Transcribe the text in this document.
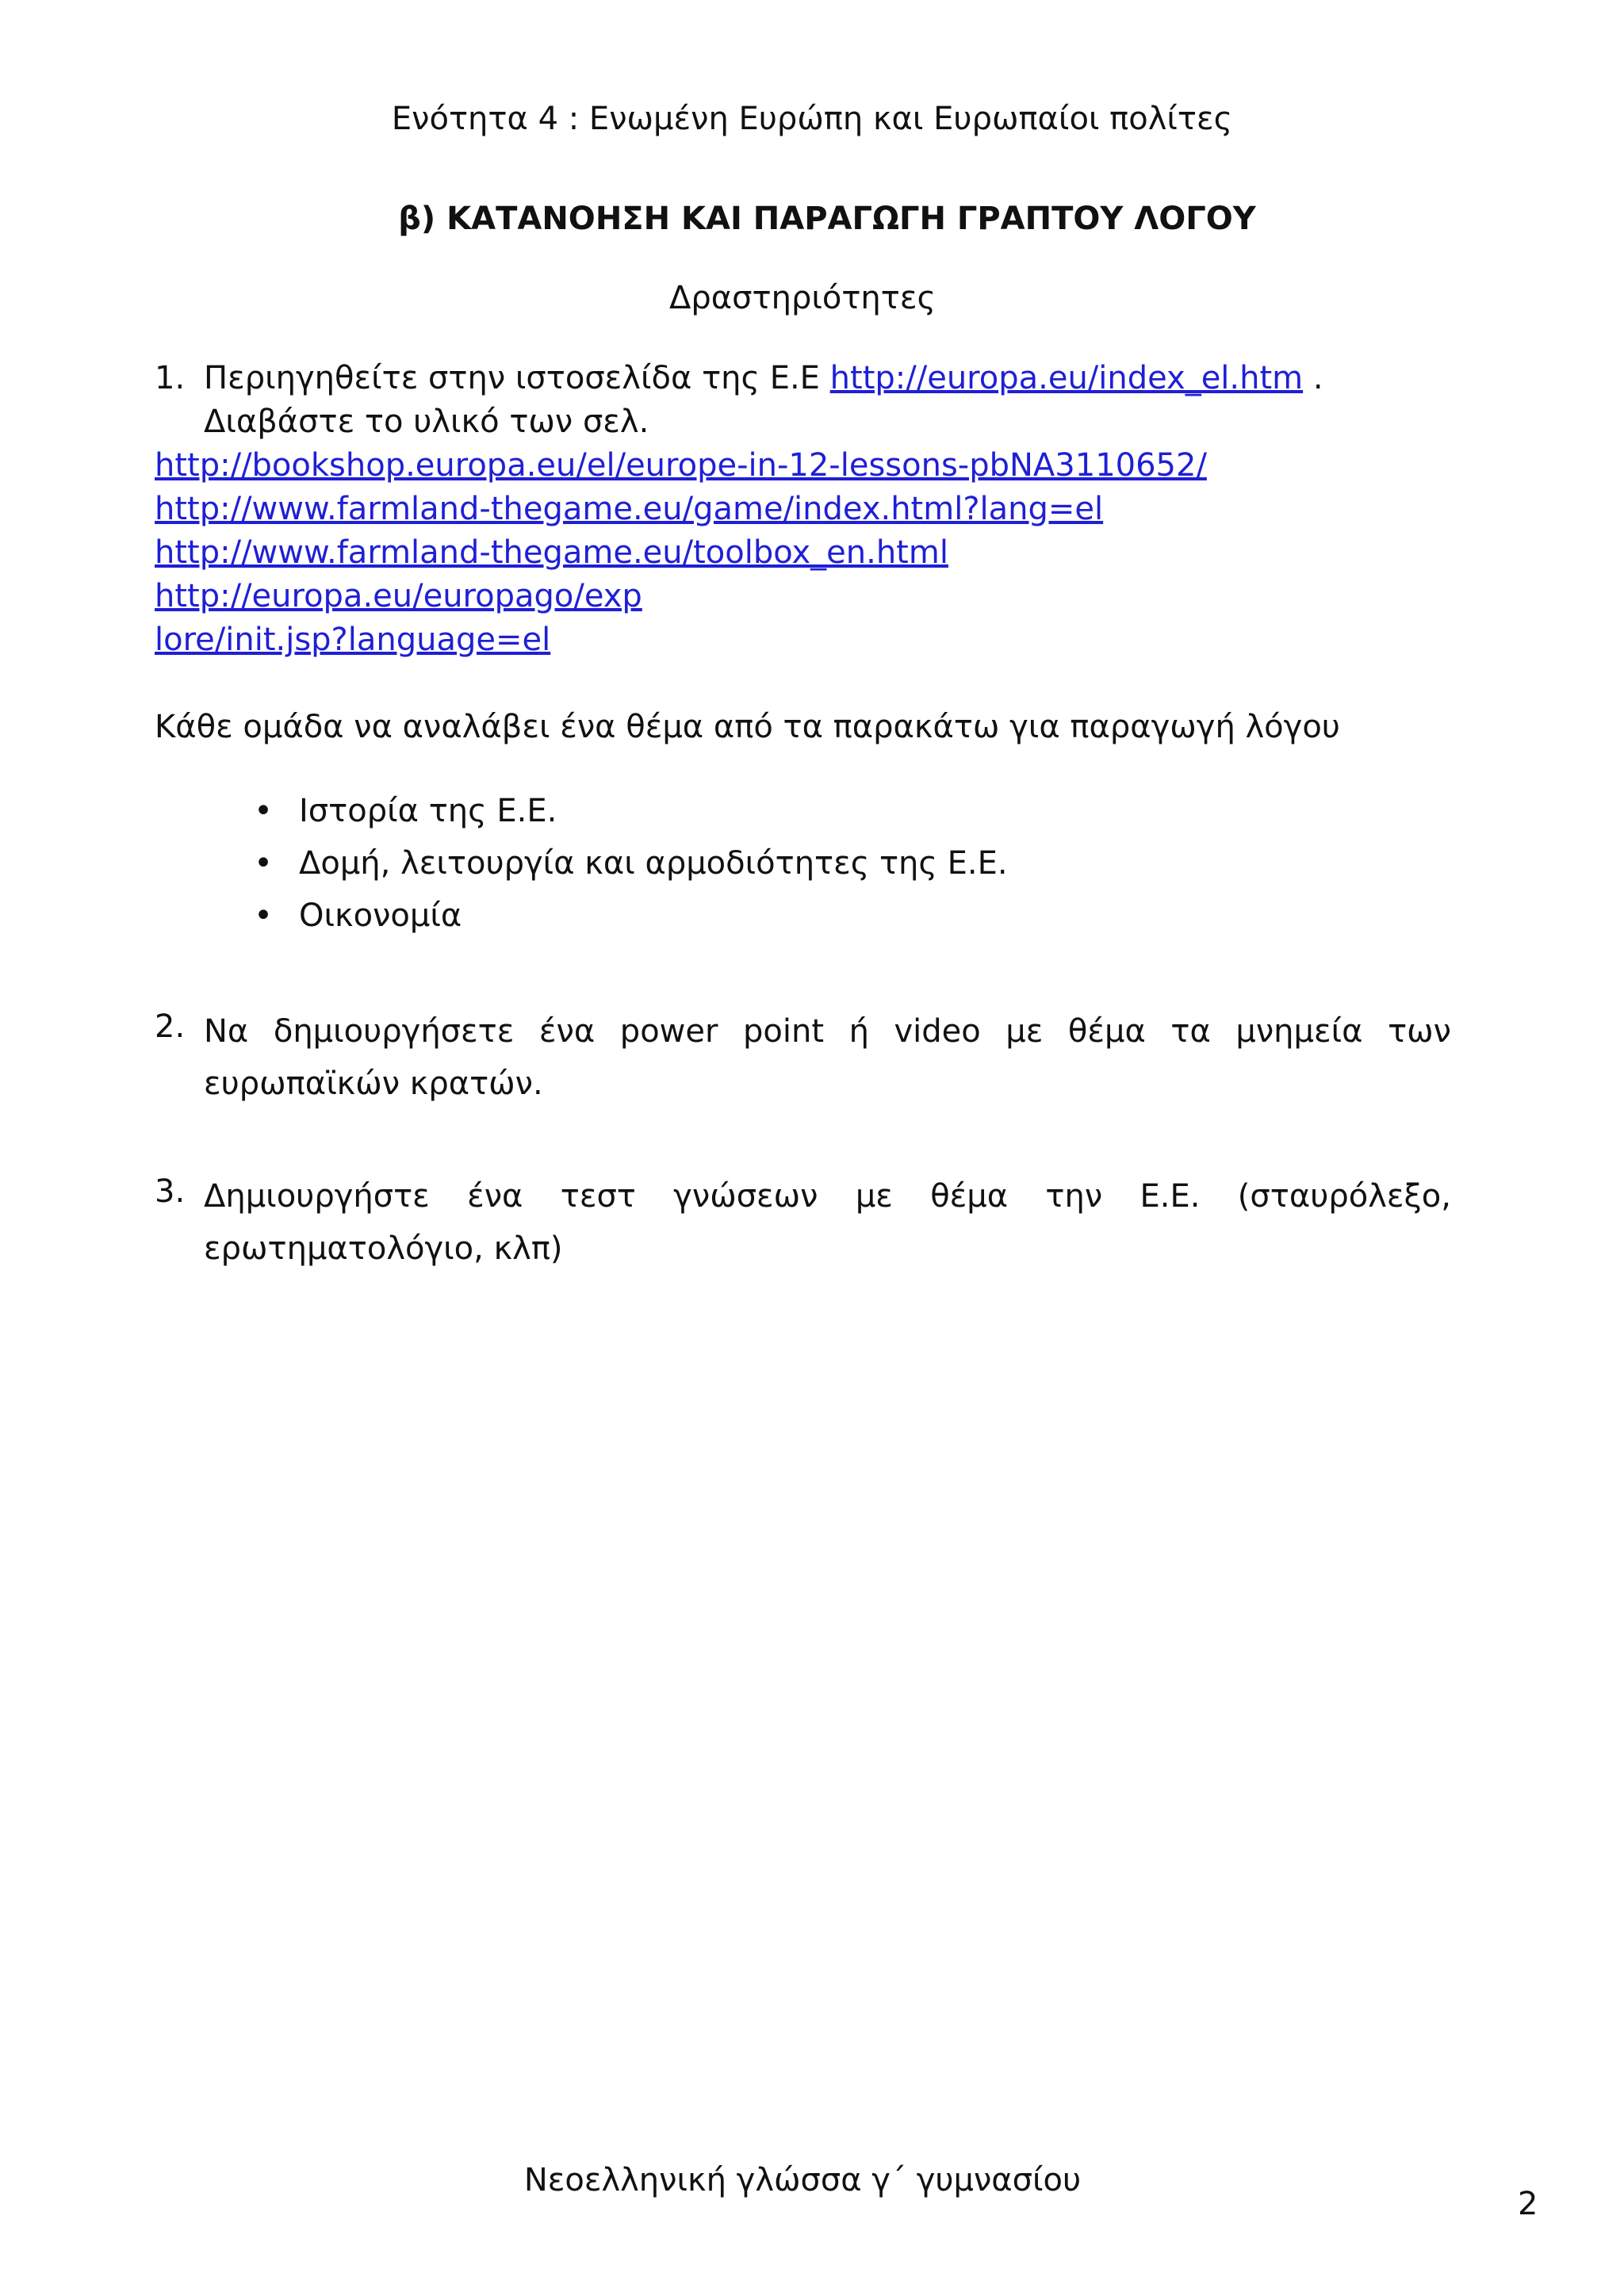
Ενότητα 4 : Ενωμένη Ευρώπη και Ευρωπαίοι πολίτες
β) ΚΑΤΑΝΟΗΣΗ ΚΑΙ ΠΑΡΑΓΩΓΗ ΓΡΑΠΤΟΥ ΛΟΓΟΥ
Δραστηριότητες
1. Περιηγηθείτε στην ιστοσελίδα της Ε.Ε http://europa.eu/index_el.htm .
Διαβάστε το υλικό των σελ.
http://bookshop.europa.eu/el/europe-in-12-lessons-pbNA3110652/
http://www.farmland-thegame.eu/game/index.html?lang=el
http://www.farmland-thegame.eu/toolbox_en.html
http://europa.eu/europago/exp
lore/init.jsp?language=el
Κάθε ομάδα να αναλάβει ένα θέμα από τα παρακάτω για παραγωγή λόγου
• Ιστορία της Ε.Ε.
• Δομή, λειτουργία και αρμοδιότητες της Ε.Ε.
• Οικονομία
2. Να δημιουργήσετε ένα power point ή video με θέμα τα μνημεία των ευρωπαϊκών κρατών.
3. Δημιουργήστε ένα τεστ γνώσεων με θέμα την Ε.Ε. (σταυρόλεξο, ερωτηματολόγιο, κλπ)
Νεοελληνική γλώσσα γ΄ γυμνασίου
2
